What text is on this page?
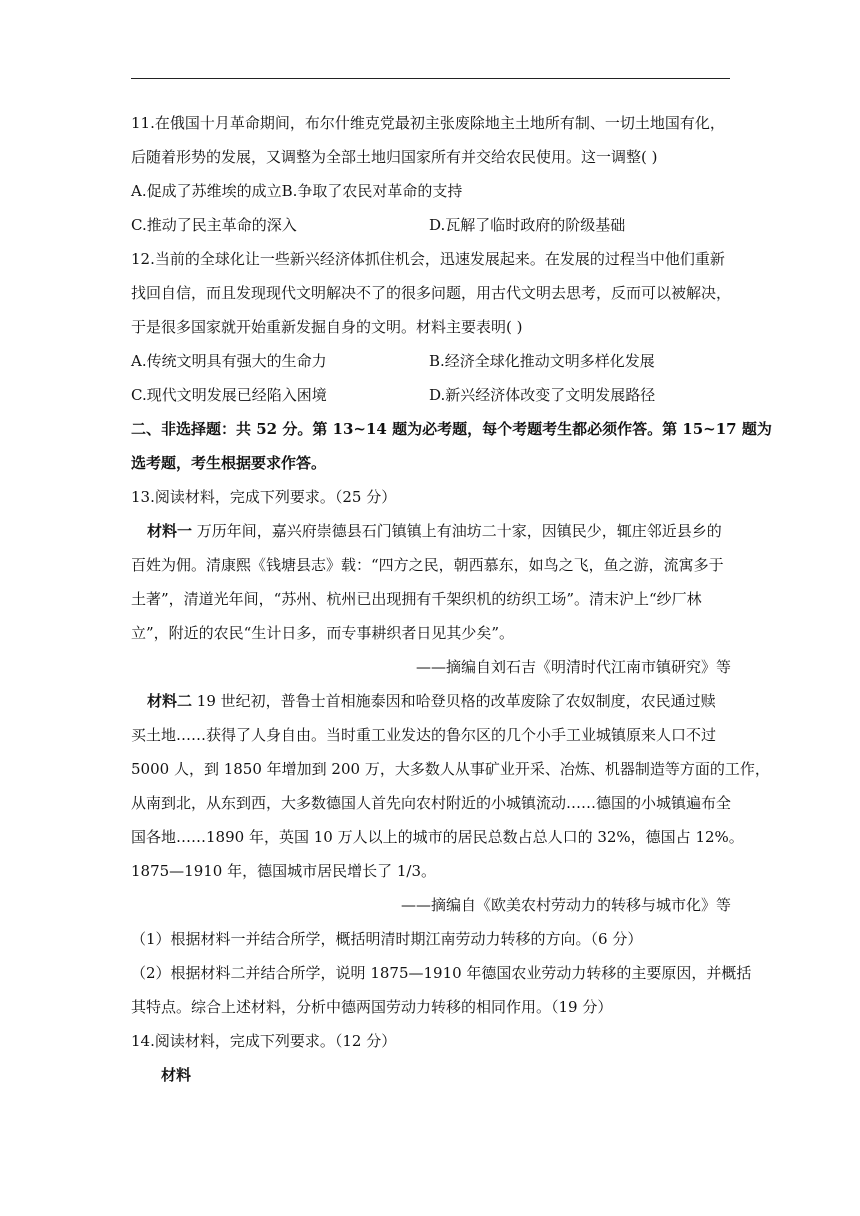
11.在俄国十月革命期间，布尔什维克党最初主张废除地主土地所有制、一切土地国有化，
后随着形势的发展，又调整为全部土地归国家所有并交给农民使用。这一调整( )
A.促成了苏维埃的成立B.争取了农民对革命的支持
C.推动了民主革命的深入	D.瓦解了临时政府的阶级基础
12.当前的全球化让一些新兴经济体抓住机会，迅速发展起来。在发展的过程当中他们重新
找回自信，而且发现现代文明解决不了的很多问题，用古代文明去思考，反而可以被解决，
于是很多国家就开始重新发掘自身的文明。材料主要表明( )
A.传统文明具有强大的生命力	B.经济全球化推动文明多样化发展
C.现代文明发展已经陷入困境	D.新兴经济体改变了文明发展路径
二、非选择题：共 52 分。第 13~14 题为必考题，每个考题考生都必须作答。第 15~17 题为
选考题，考生根据要求作答。
13.阅读材料，完成下列要求。（25 分）
材料一 万历年间，嘉兴府崇德县石门镇镇上有油坊二十家，因镇民少，辄庄邻近县乡的
百姓为佣。清康熙《钱塘县志》载：“四方之民，朝西慕东，如鸟之飞，鱼之游，流寓多于
土著”，清道光年间，“苏州、杭州已出现拥有千架织机的纺织工场”。清末沪上“纱厂林
立”，附近的农民“生计日多，而专事耕织者日见其少矣”。
——摘编自刘石吉《明清时代江南市镇研究》等
材料二 19 世纪初，普鲁士首相施泰因和哈登贝格的改革废除了农奴制度，农民通过赎
买土地……获得了人身自由。当时重工业发达的鲁尔区的几个小手工业城镇原来人口不过
5000 人，到 1850 年增加到 200 万，大多数人从事矿业开采、冶炼、机器制造等方面的工作，
从南到北，从东到西，大多数德国人首先向农村附近的小城镇流动……德国的小城镇遍布全
国各地……1890 年，英国 10 万人以上的城市的居民总数占总人口的 32%，德国占 12%。
1875—1910 年，德国城市居民增长了 1/3。
——摘编自《欧美农村劳动力的转移与城市化》等
（1）根据材料一并结合所学，概括明清时期江南劳动力转移的方向。（6 分）
（2）根据材料二并结合所学，说明 1875—1910 年德国农业劳动力转移的主要原因，并概括
其特点。综合上述材料，分析中德两国劳动力转移的相同作用。（19 分）
14.阅读材料，完成下列要求。（12 分）
材料
